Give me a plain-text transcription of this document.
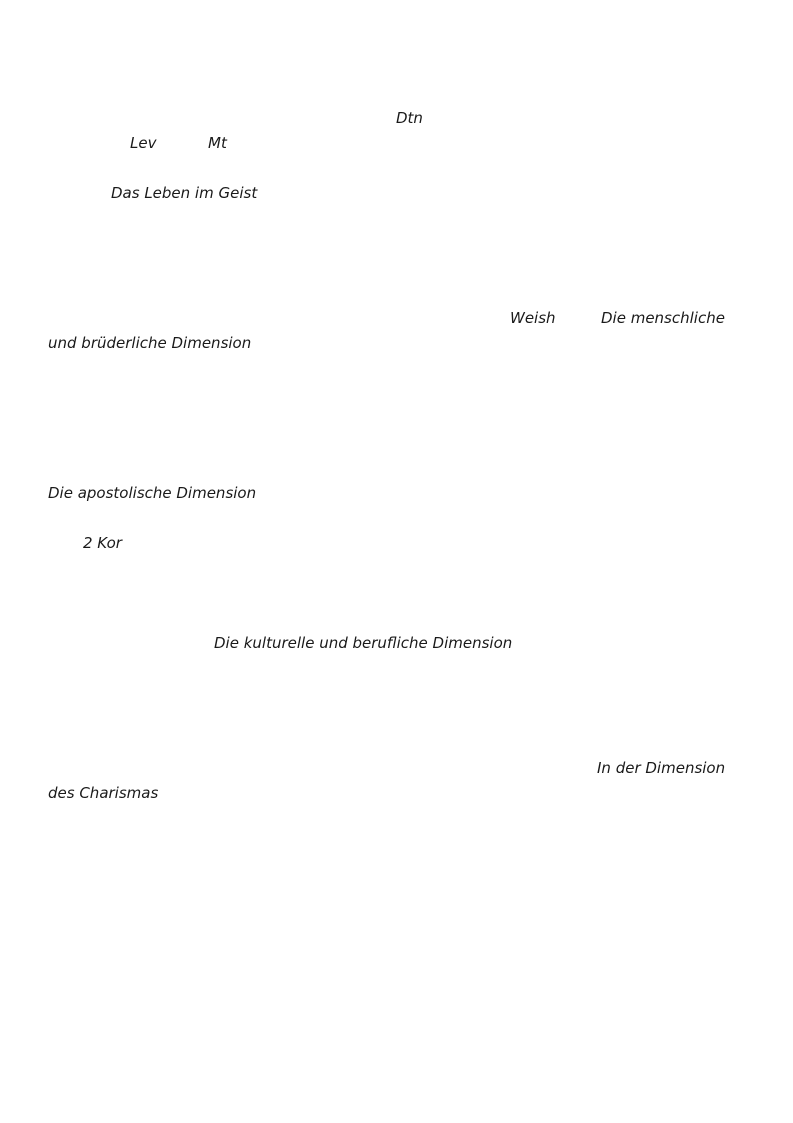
Dtn
Lev	Mt
Das Leben im Geist
Weish	Die menschliche
und brüderliche Dimension
Die apostolische Dimension
2 Kor
Die kulturelle und berufliche Dimension
In der Dimension
des Charismas
